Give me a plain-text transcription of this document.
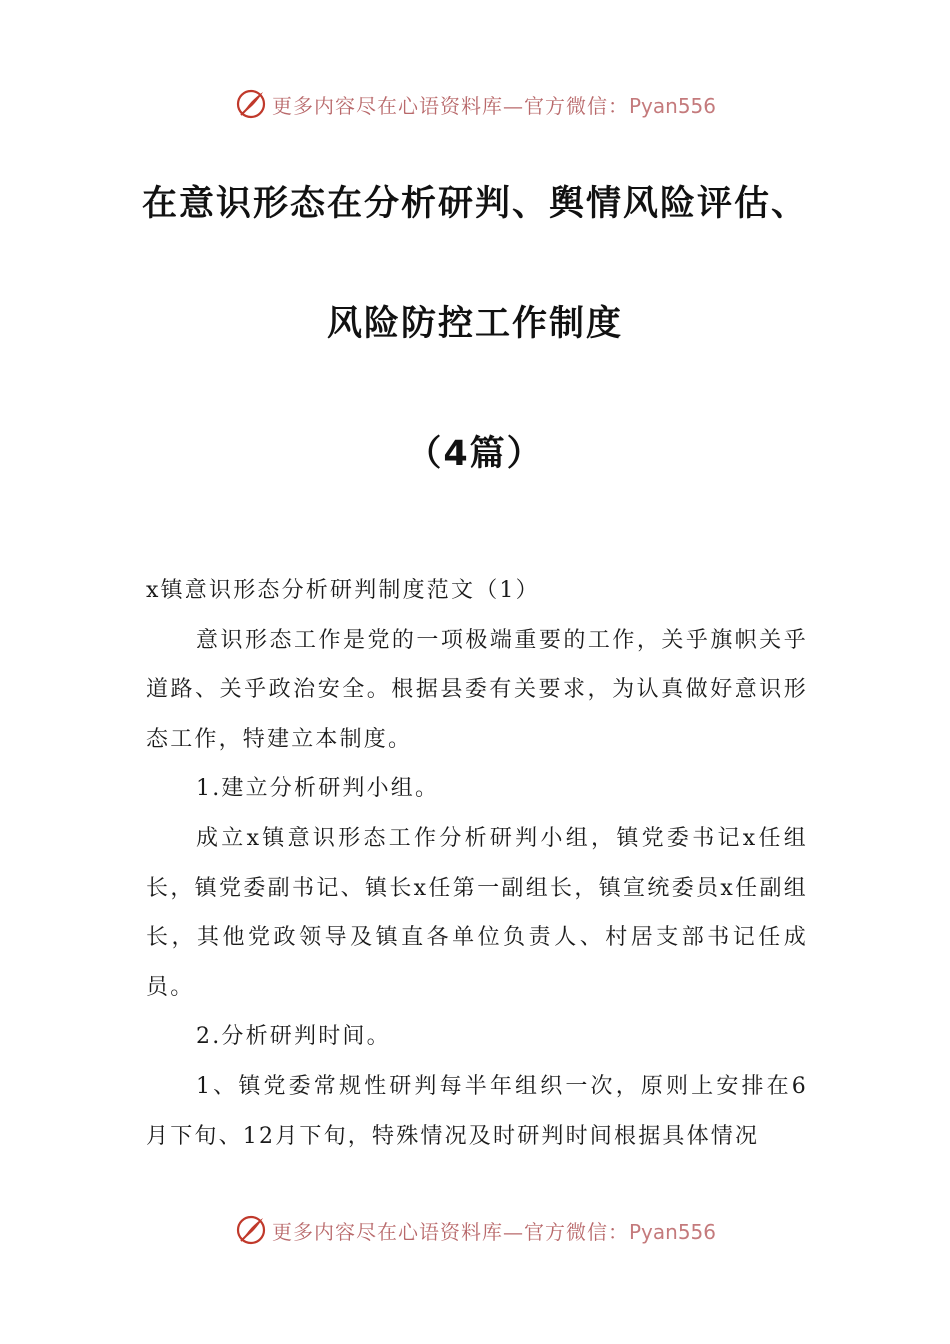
更多内容尽在心语资料库—官方微信：Pyan556
在意识形态在分析研判、舆情风险评估、
风险防控工作制度
（4篇）

x镇意识形态分析研判制度范文（1）

意识形态工作是党的一项极端重要的工作，关乎旗帜关乎道路、关乎政治安全。根据县委有关要求，为认真做好意识形态工作，特建立本制度。

1.建立分析研判小组。

成立x镇意识形态工作分析研判小组，镇党委书记x任组长，镇党委副书记、镇长x任第一副组长，镇宣统委员x任副组长，其他党政领导及镇直各单位负责人、村居支部书记任成员。

2.分析研判时间。

1、镇党委常规性研判每半年组织一次，原则上安排在6月下旬、12月下旬，特殊情况及时研判时间根据具体情况

更多内容尽在心语资料库—官方微信：Pyan556
